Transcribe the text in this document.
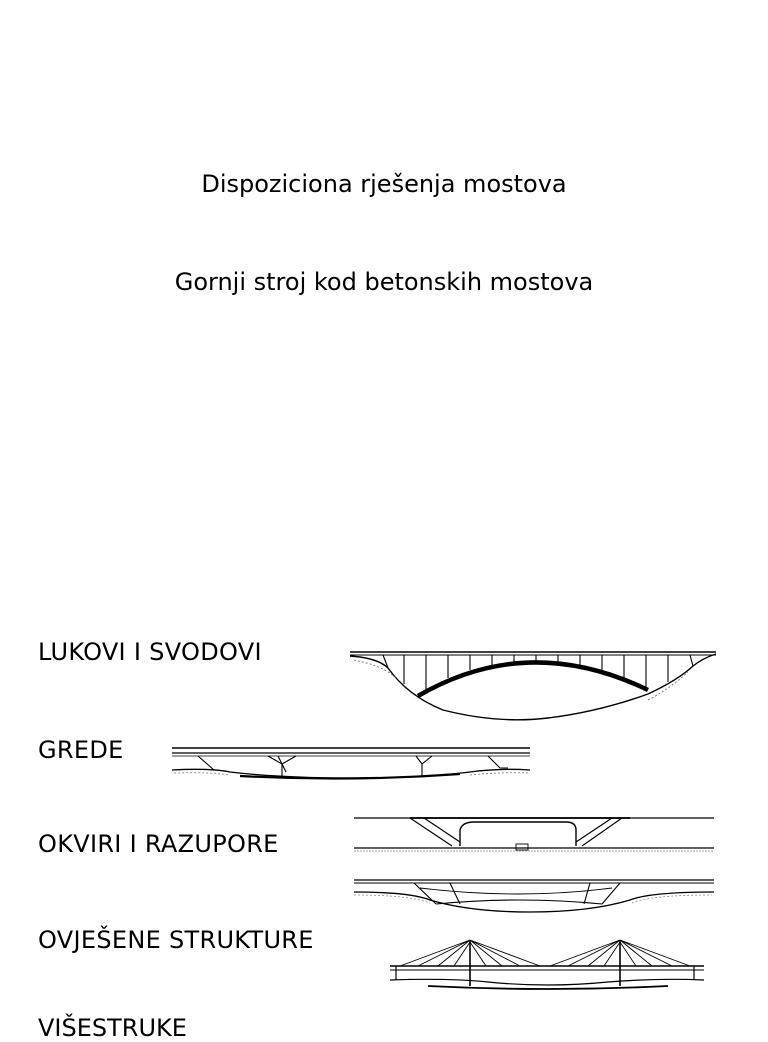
Dispoziciona rješenja mostova
Gornji stroj kod betonskih mostova
LUKOVI I SVODOVI
GREDE
OKVIRI I RAZUPORE
OVJEŠENE STRUKTURE
VIŠESTRUKE
